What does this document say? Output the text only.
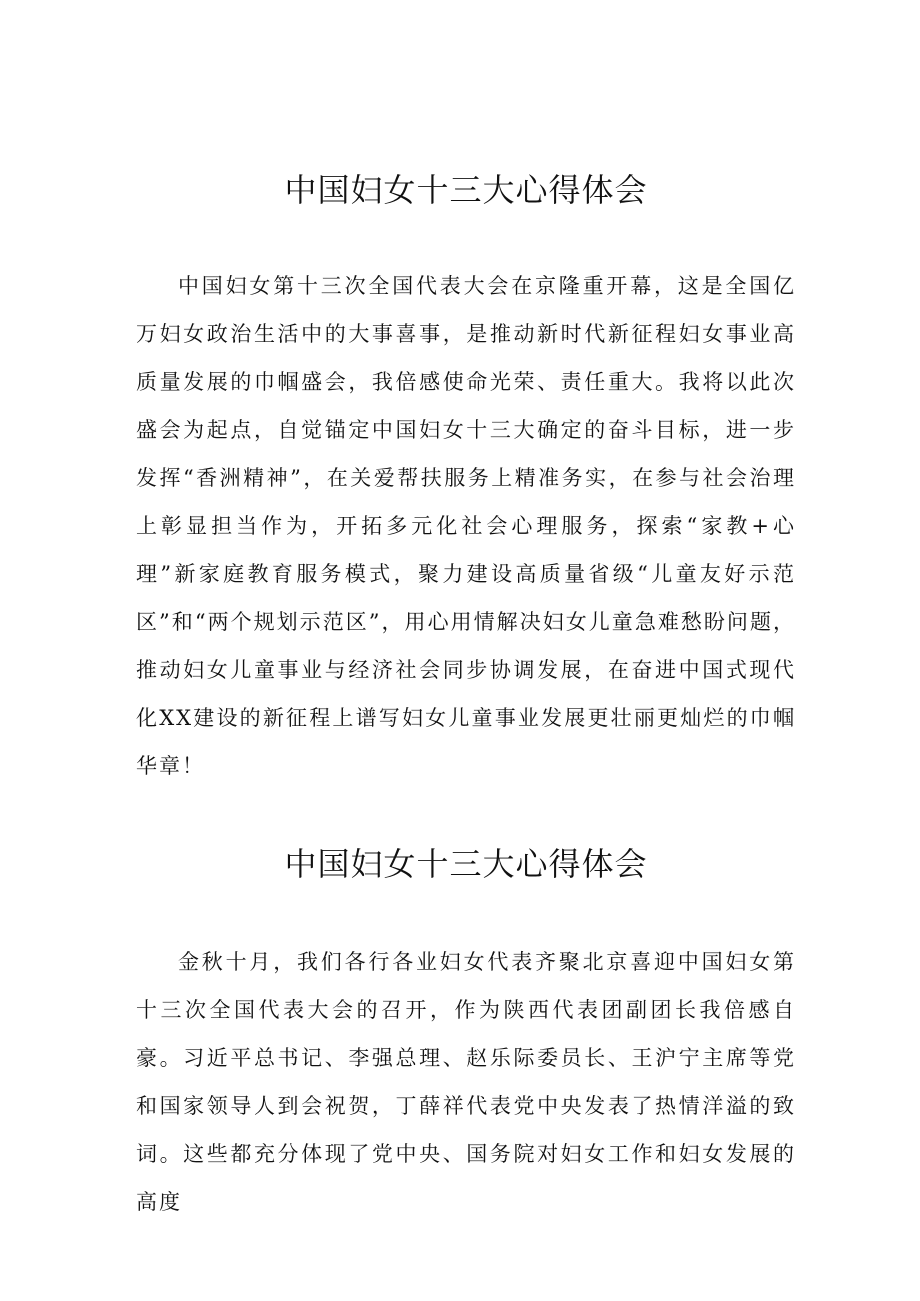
中国妇女十三大心得体会

中国妇女第十三次全国代表大会在京隆重开幕，这是全国亿万妇女政治生活中的大事喜事，是推动新时代新征程妇女事业高质量发展的巾帼盛会，我倍感使命光荣、责任重大。我将以此次盛会为起点，自觉锚定中国妇女十三大确定的奋斗目标，进一步发挥“香洲精神”，在关爱帮扶服务上精准务实，在参与社会治理上彰显担当作为，开拓多元化社会心理服务，探索“家教+心理”新家庭教育服务模式，聚力建设高质量省级“儿童友好示范区”和“两个规划示范区”，用心用情解决妇女儿童急难愁盼问题，推动妇女儿童事业与经济社会同步协调发展，在奋进中国式现代化XX建设的新征程上谱写妇女儿童事业发展更壮丽更灿烂的巾帼华章！

中国妇女十三大心得体会

金秋十月，我们各行各业妇女代表齐聚北京喜迎中国妇女第十三次全国代表大会的召开，作为陕西代表团副团长我倍感自豪。习近平总书记、李强总理、赵乐际委员长、王沪宁主席等党和国家领导人到会祝贺，丁薛祥代表党中央发表了热情洋溢的致词。这些都充分体现了党中央、国务院对妇女工作和妇女发展的高度
